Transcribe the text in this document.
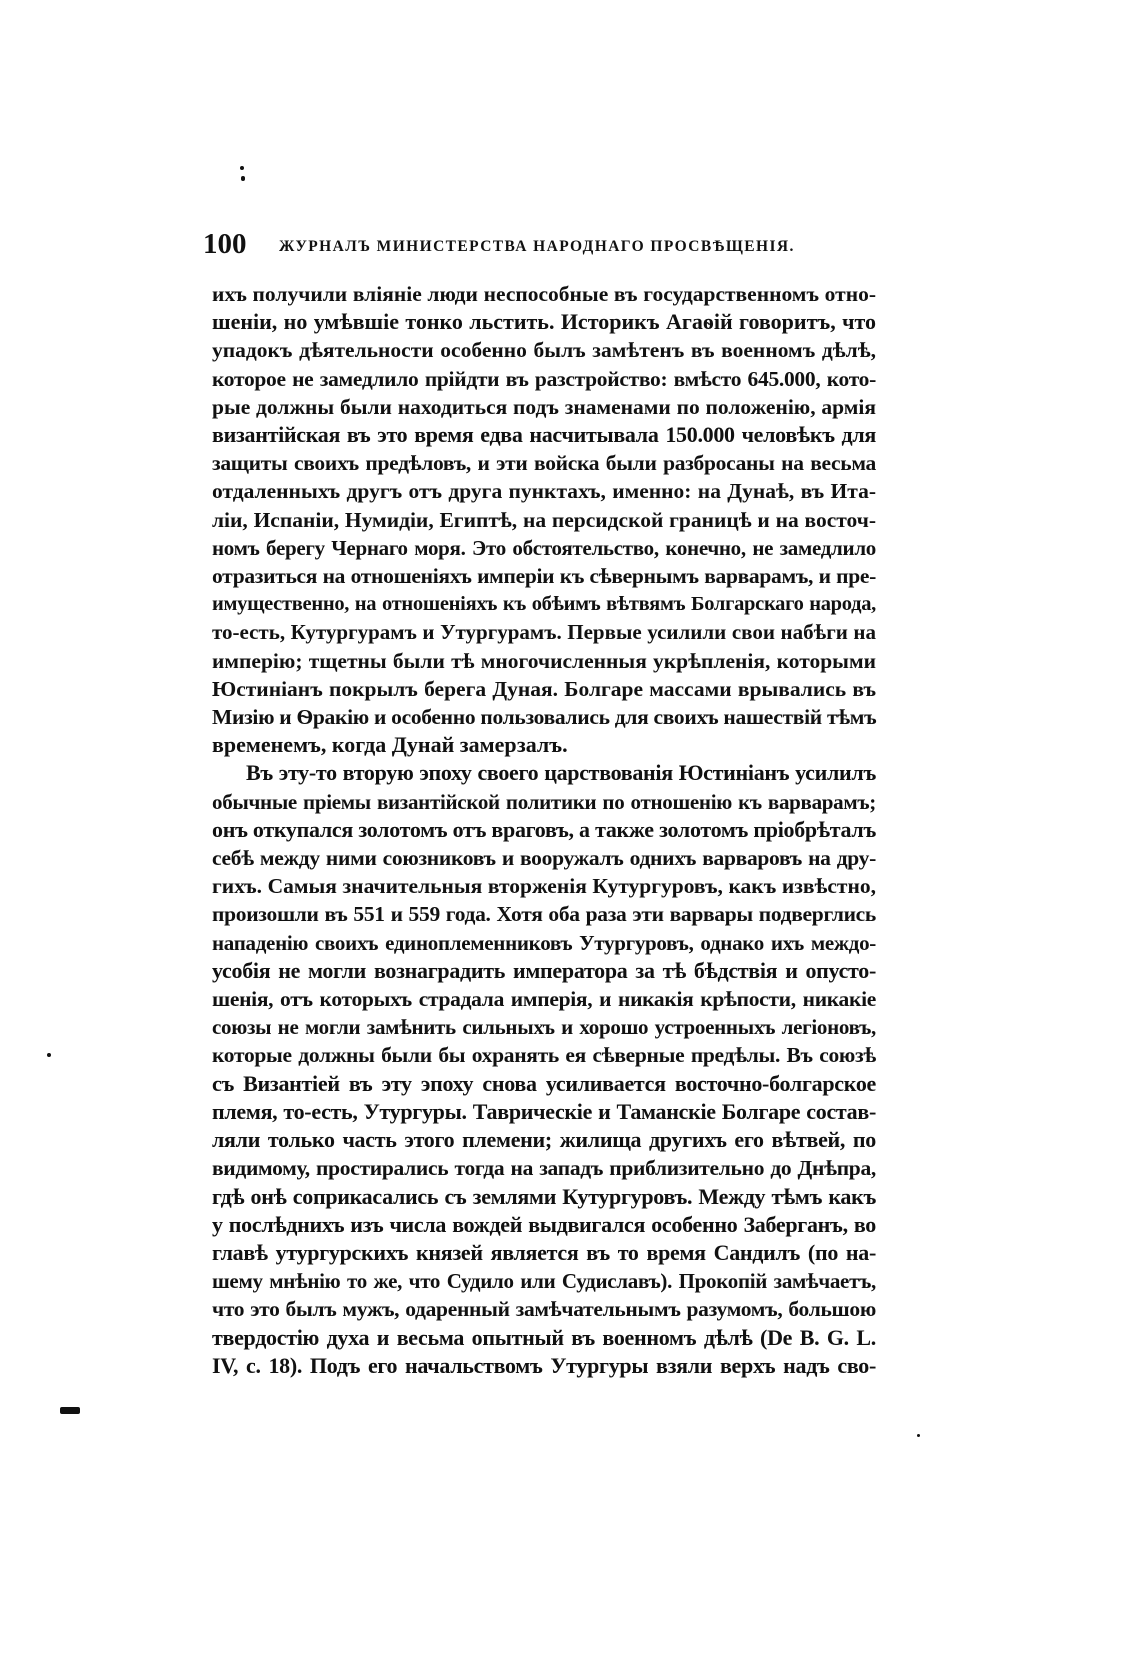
100 ЖУРНАЛЪ МИНИСТЕРСТВА НАРОДНАГО ПРОСВѢЩЕНІЯ.
ихъ получили вліяніе люди неспособные въ государственномъ отно-
шеніи, но умѣвшіе тонко льстить. Историкъ Агаѳій говоритъ, что
упадокъ дѣятельности особенно былъ замѣтенъ въ военномъ дѣлѣ,
которое не замедлило прійдти въ разстройство: вмѣсто 645.000, кото-
рые должны были находиться подъ знаменами по положенію, армія
византійская въ это время едва насчитывала 150.000 человѣкъ для
защиты своихъ предѣловъ, и эти войска были разбросаны на весьма
отдаленныхъ другъ отъ друга пунктахъ, именно: на Дунаѣ, въ Ита-
ліи, Испаніи, Нумидіи, Египтѣ, на персидской границѣ и на восточ-
номъ берегу Чернаго моря. Это обстоятельство, конечно, не замедлило
отразиться на отношеніяхъ имперіи къ сѣвернымъ варварамъ, и пре-
имущественно, на отношеніяхъ къ обѣимъ вѣтвямъ Болгарскаго народа,
то-есть, Кутургурамъ и Утургурамъ. Первые усилили свои набѣги на
имперію; тщетны были тѣ многочисленныя укрѣпленія, которыми
Юстиніанъ покрылъ берега Дуная. Болгаре массами врывались въ
Мизію и Ѳракію и особенно пользовались для своихъ нашествій тѣмъ
временемъ, когда Дунай замерзалъ.
Въ эту-то вторую эпоху своего царствованія Юстиніанъ усилилъ
обычные пріемы византійской политики по отношенію къ варварамъ;
онъ откупался золотомъ отъ враговъ, а также золотомъ пріобрѣталъ
себѣ между ними союзниковъ и вооружалъ однихъ варваровъ на дру-
гихъ. Самыя значительныя вторженія Кутургуровъ, какъ извѣстно,
произошли въ 551 и 559 года. Хотя оба раза эти варвары подверглись
нападенію своихъ единоплеменниковъ Утургуровъ, однако ихъ междо-
усобія не могли вознаградить императора за тѣ бѣдствія и опусто-
шенія, отъ которыхъ страдала имперія, и никакія крѣпости, никакіе
союзы не могли замѣнить сильныхъ и хорошо устроенныхъ легіоновъ,
которые должны были бы охранять ея сѣверные предѣлы. Въ союзѣ
съ Византіей въ эту эпоху снова усиливается восточно-болгарское
племя, то-есть, Утургуры. Таврическіе и Таманскіе Болгаре состав-
ляли только часть этого племени; жилища другихъ его вѣтвей, по
видимому, простирались тогда на западъ приблизительно до Днѣпра,
гдѣ онѣ соприкасались съ землями Кутургуровъ. Между тѣмъ какъ
у послѣднихъ изъ числа вождей выдвигался особенно Заберганъ, во
главѣ утургурскихъ князей является въ то время Сандилъ (по на-
шему мнѣнію то же, что Судило или Судиславъ). Прокопій замѣчаетъ,
что это былъ мужъ, одаренный замѣчательнымъ разумомъ, большою
твердостію духа и весьма опытный въ военномъ дѣлѣ (De B. G. L.
IV, c. 18). Подъ его начальствомъ Утургуры взяли верхъ надъ сво-
